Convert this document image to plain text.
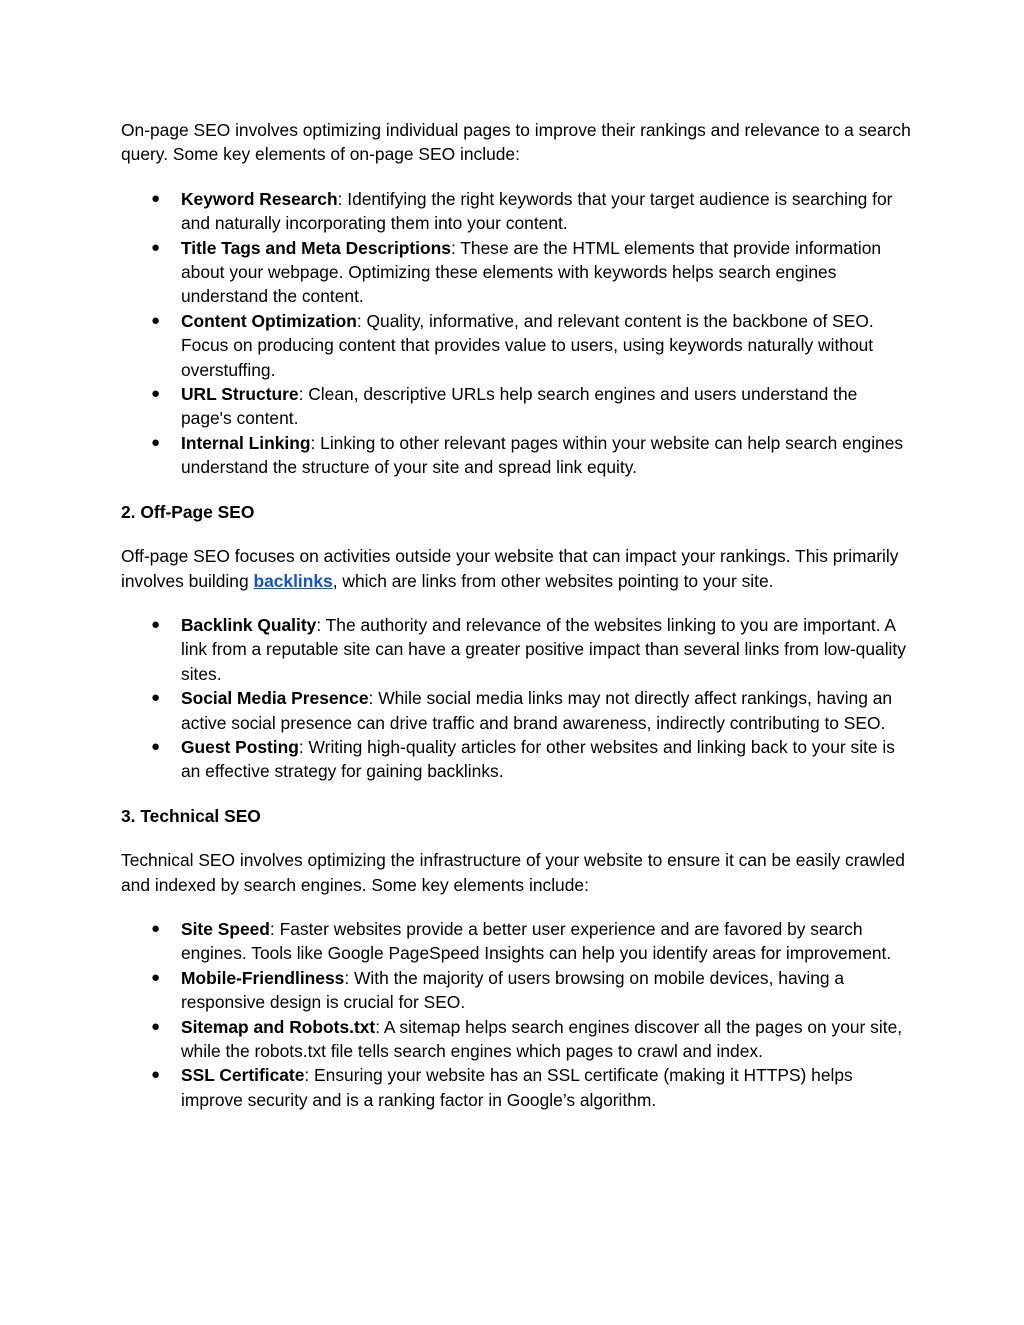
On-page SEO involves optimizing individual pages to improve their rankings and relevance to a search query. Some key elements of on-page SEO include:

● Keyword Research: Identifying the right keywords that your target audience is searching for and naturally incorporating them into your content.
● Title Tags and Meta Descriptions: These are the HTML elements that provide information about your webpage. Optimizing these elements with keywords helps search engines understand the content.
● Content Optimization: Quality, informative, and relevant content is the backbone of SEO. Focus on producing content that provides value to users, using keywords naturally without overstuffing.
● URL Structure: Clean, descriptive URLs help search engines and users understand the page's content.
● Internal Linking: Linking to other relevant pages within your website can help search engines understand the structure of your site and spread link equity.

2. Off-Page SEO

Off-page SEO focuses on activities outside your website that can impact your rankings. This primarily involves building backlinks, which are links from other websites pointing to your site.

● Backlink Quality: The authority and relevance of the websites linking to you are important. A link from a reputable site can have a greater positive impact than several links from low-quality sites.
● Social Media Presence: While social media links may not directly affect rankings, having an active social presence can drive traffic and brand awareness, indirectly contributing to SEO.
● Guest Posting: Writing high-quality articles for other websites and linking back to your site is an effective strategy for gaining backlinks.

3. Technical SEO

Technical SEO involves optimizing the infrastructure of your website to ensure it can be easily crawled and indexed by search engines. Some key elements include:

● Site Speed: Faster websites provide a better user experience and are favored by search engines. Tools like Google PageSpeed Insights can help you identify areas for improvement.
● Mobile-Friendliness: With the majority of users browsing on mobile devices, having a responsive design is crucial for SEO.
● Sitemap and Robots.txt: A sitemap helps search engines discover all the pages on your site, while the robots.txt file tells search engines which pages to crawl and index.
● SSL Certificate: Ensuring your website has an SSL certificate (making it HTTPS) helps improve security and is a ranking factor in Google’s algorithm.
